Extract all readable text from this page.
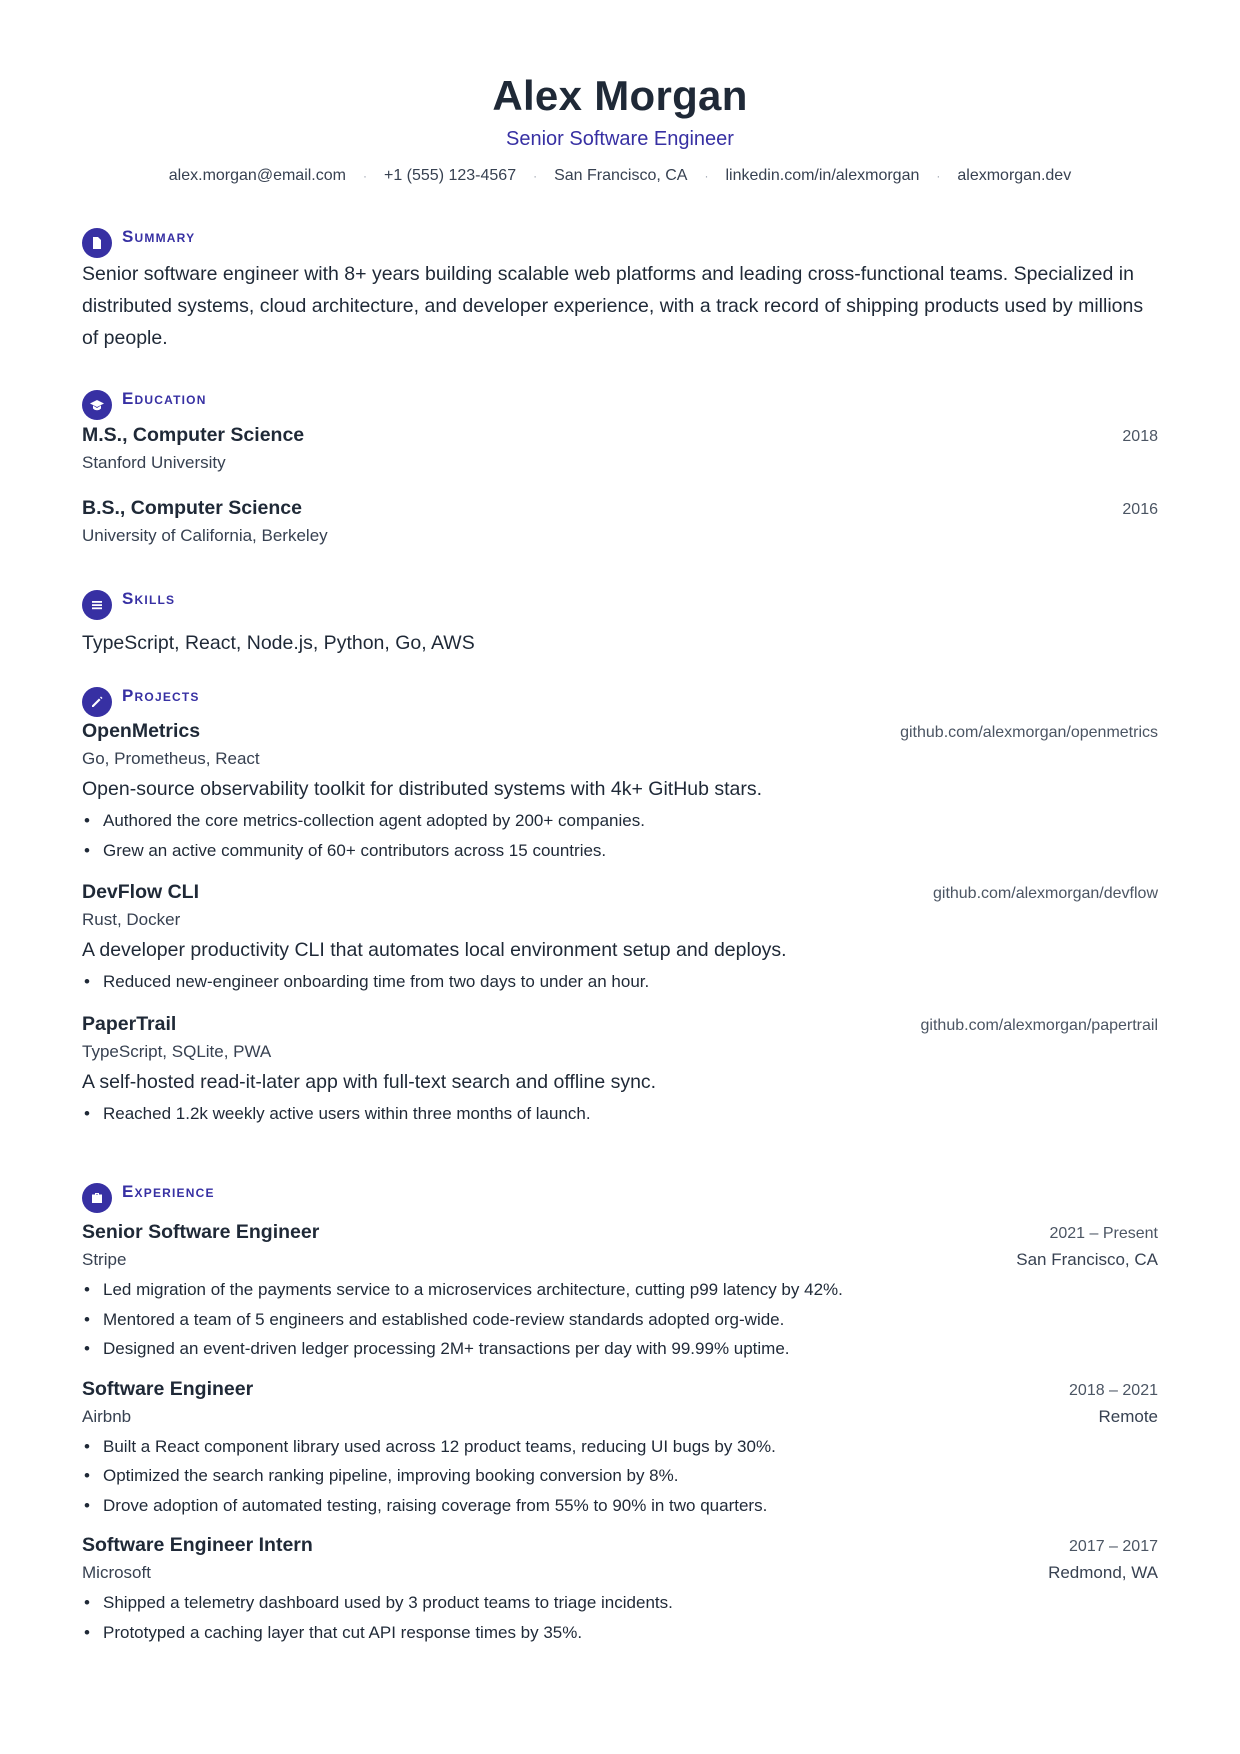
Alex Morgan
Senior Software Engineer
alex.morgan@email.com · +1 (555) 123-4567 · San Francisco, CA · linkedin.com/in/alexmorgan · alexmorgan.dev
Summary
Senior software engineer with 8+ years building scalable web platforms and leading cross-functional teams. Specialized in distributed systems, cloud architecture, and developer experience, with a track record of shipping products used by millions of people.
Education
M.S., Computer Science	2018
Stanford University
B.S., Computer Science	2016
University of California, Berkeley
Skills
TypeScript, React, Node.js, Python, Go, AWS
Projects
OpenMetrics	github.com/alexmorgan/openmetrics
Go, Prometheus, React
Open-source observability toolkit for distributed systems with 4k+ GitHub stars.
• Authored the core metrics-collection agent adopted by 200+ companies.
• Grew an active community of 60+ contributors across 15 countries.
DevFlow CLI	github.com/alexmorgan/devflow
Rust, Docker
A developer productivity CLI that automates local environment setup and deploys.
• Reduced new-engineer onboarding time from two days to under an hour.
PaperTrail	github.com/alexmorgan/papertrail
TypeScript, SQLite, PWA
A self-hosted read-it-later app with full-text search and offline sync.
• Reached 1.2k weekly active users within three months of launch.
Experience
Senior Software Engineer	2021 – Present
Stripe	San Francisco, CA
• Led migration of the payments service to a microservices architecture, cutting p99 latency by 42%.
• Mentored a team of 5 engineers and established code-review standards adopted org-wide.
• Designed an event-driven ledger processing 2M+ transactions per day with 99.99% uptime.
Software Engineer	2018 – 2021
Airbnb	Remote
• Built a React component library used across 12 product teams, reducing UI bugs by 30%.
• Optimized the search ranking pipeline, improving booking conversion by 8%.
• Drove adoption of automated testing, raising coverage from 55% to 90% in two quarters.
Software Engineer Intern	2017 – 2017
Microsoft	Redmond, WA
• Shipped a telemetry dashboard used by 3 product teams to triage incidents.
• Prototyped a caching layer that cut API response times by 35%.
